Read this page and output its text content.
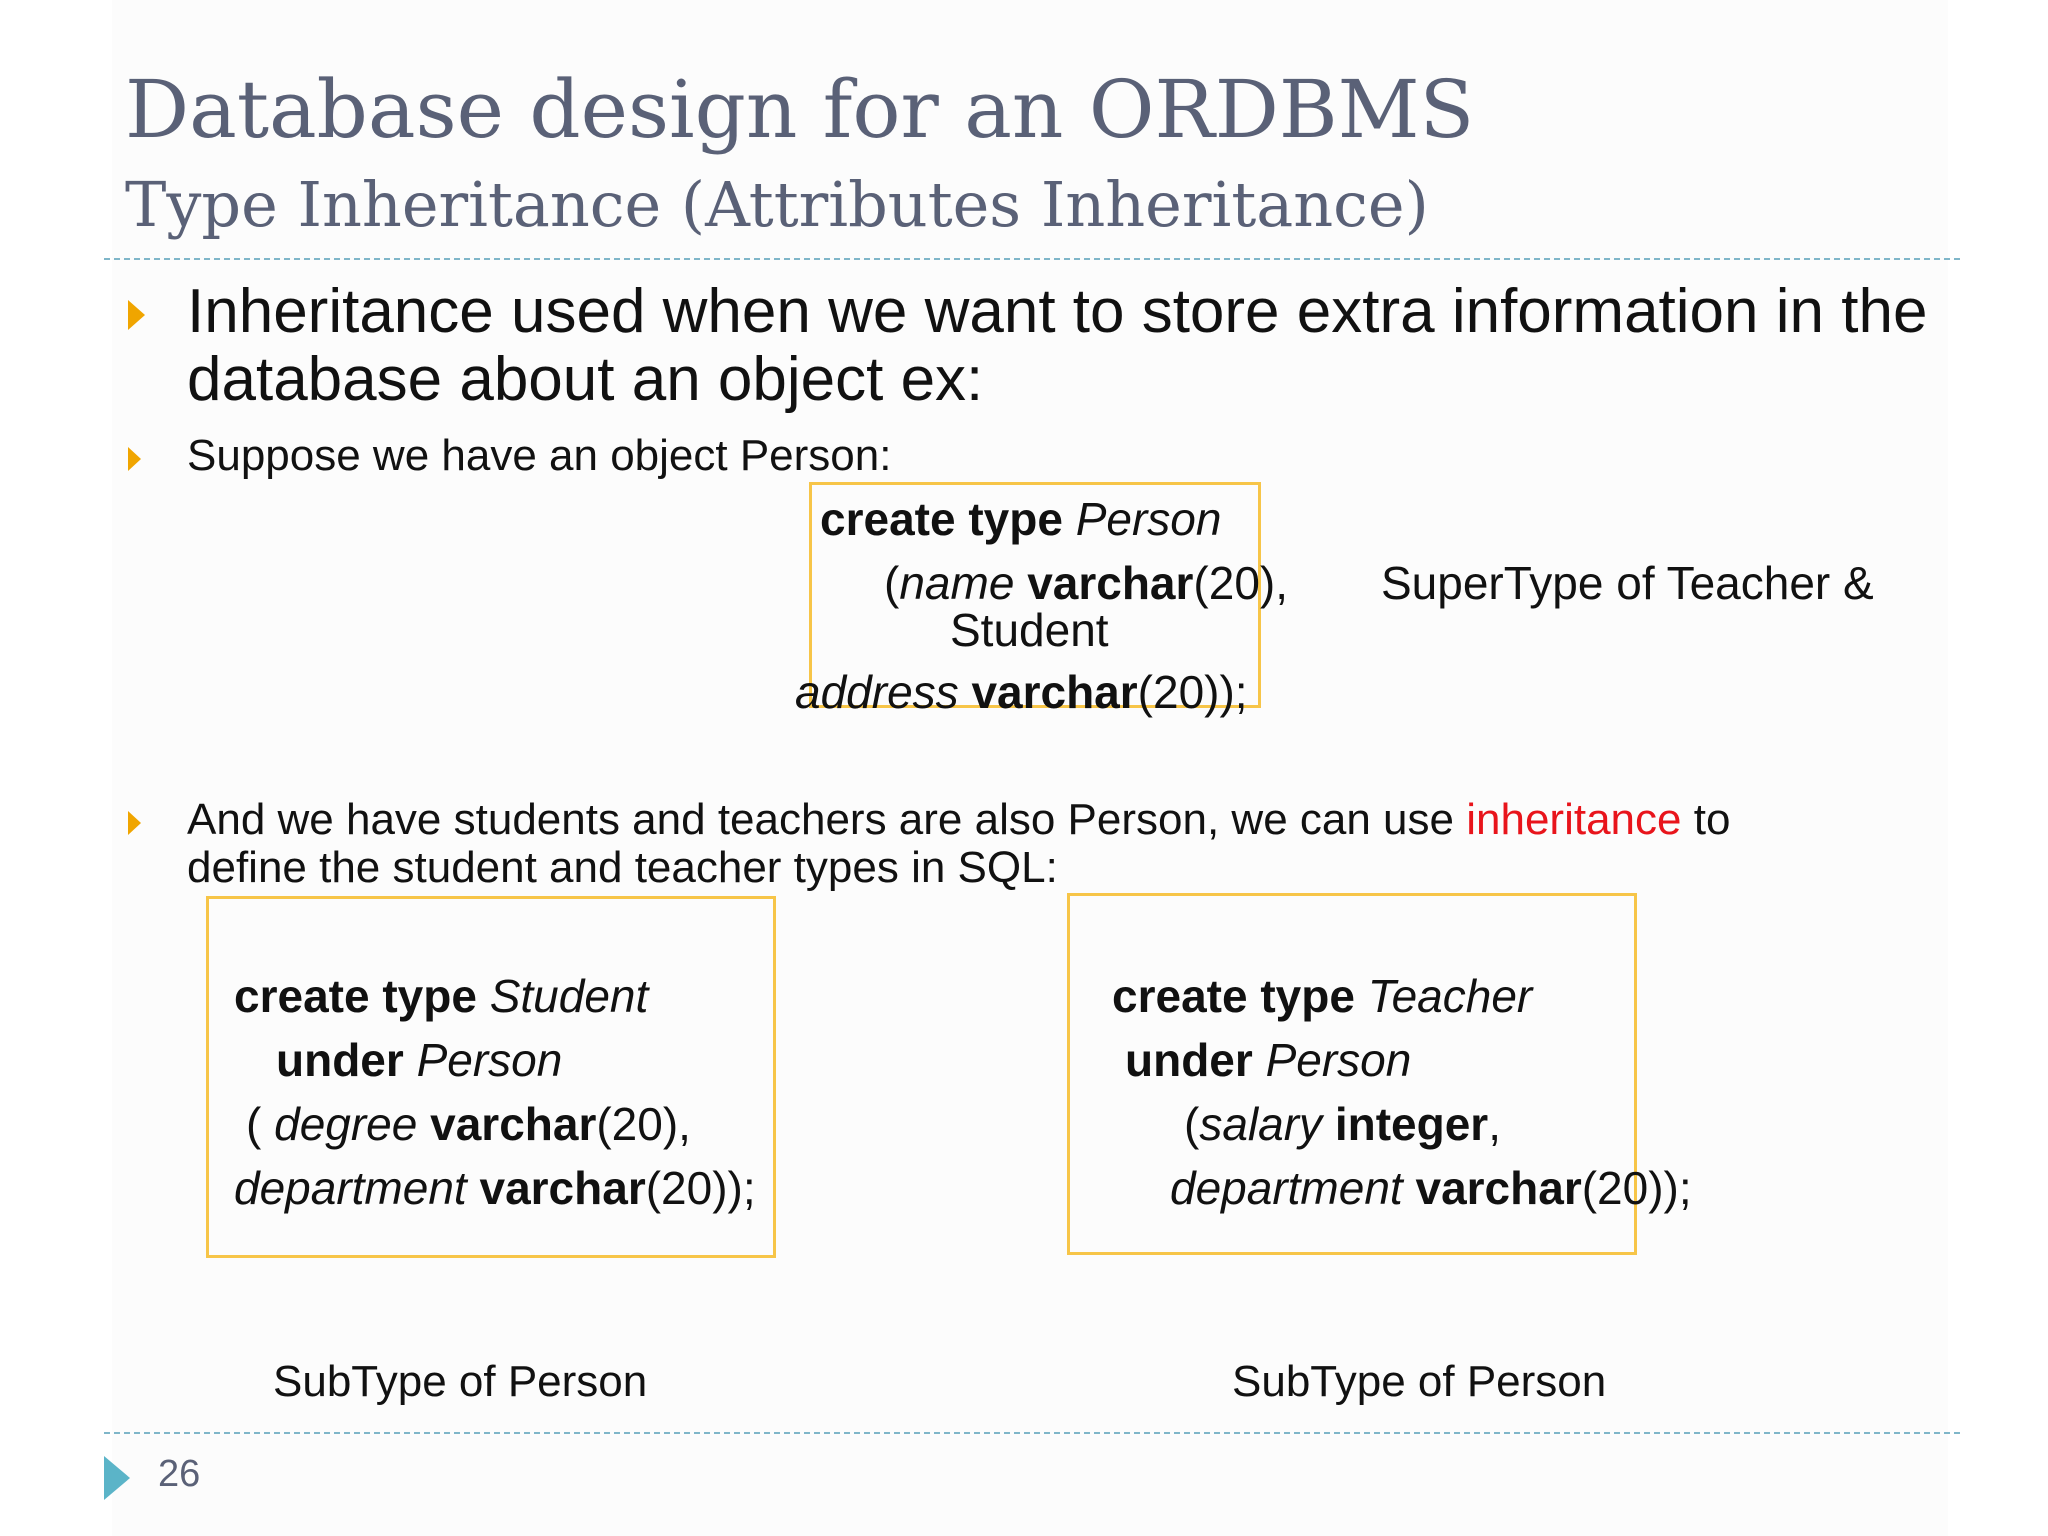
Database design for an ORDBMS
Type Inheritance (Attributes Inheritance)
Inheritance used when we want to store extra information in the database about an object ex:
Suppose we have an object Person:
create type Person
(name varchar(20),
Student
address varchar(20));
SuperType of Teacher &
And we have students and teachers are also Person, we can use inheritance to
define the student and teacher types in SQL:
create type Student
under Person
( degree varchar(20),
department varchar(20));
create type Teacher
under Person
(salary integer,
department varchar(20));
SubType of Person	SubType of Person
26
